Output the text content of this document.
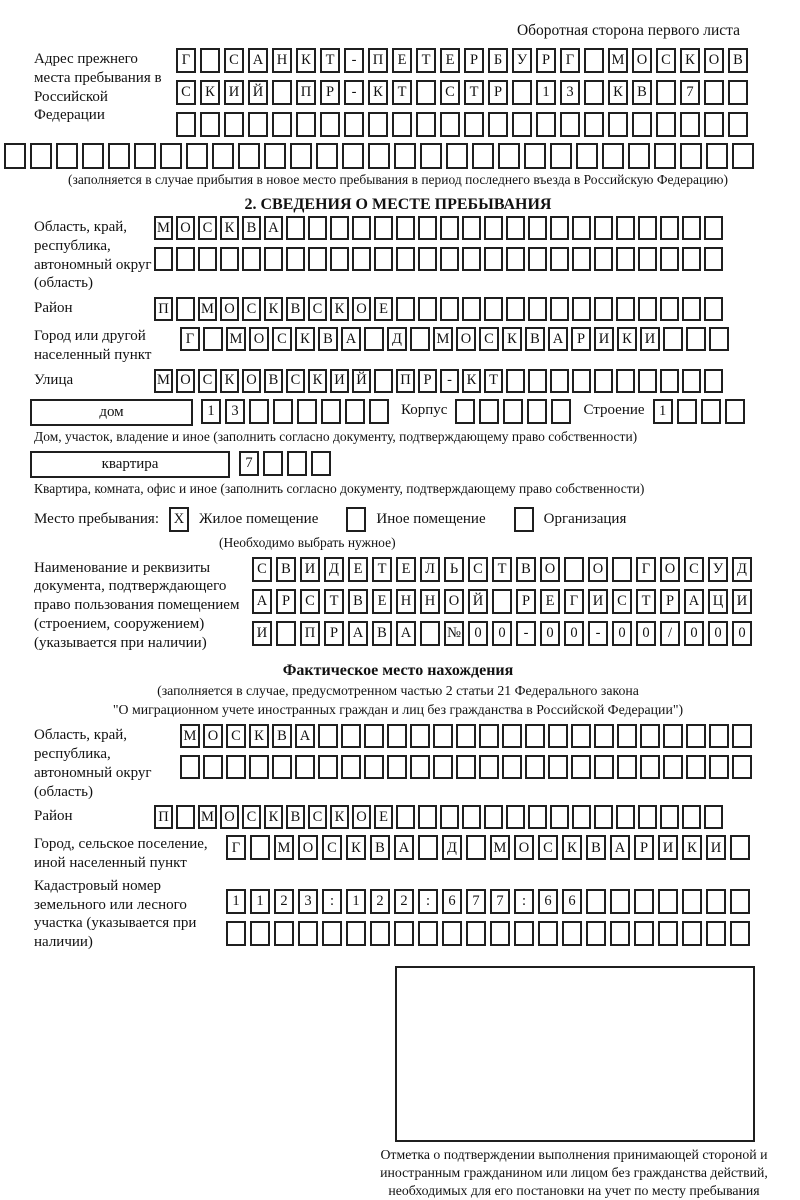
Оборотная сторона первого листа
Адрес прежнего места пребывания в Российской Федерации
Г	С А Н К	Т	-	П Е	Т	Е	Р	Б	У	Р	Г	М О С К О В
С К И Й	П	Р	-	К	Т	С	Т	Р	1	3	К В	7
(заполняется в случае прибытия в новое место пребывания в период последнего въезда в Российскую Федерацию)
2. СВЕДЕНИЯ О МЕСТЕ ПРЕБЫВАНИЯ
Область, край, республика, автономный округ (область)
М О С К В А
Район	П М О С К В С К О Е
Город или другой населенный пункт
Г	М О С К В А	Д	М О С К В А Р И К И
Улица	М О С К О В С К И Й П Р	-	К Т
дом	1	3	Корпус	Строение 1
Дом, участок, владение и иное (заполнить согласно документу, подтверждающему право собственности)
квартира	7
Квартира, комната, офис и иное (заполнить согласно документу, подтверждающему право собственности)
Место пребывания:	X Жилое помещение	Иное помещение	Организация
(Необходимо выбрать нужное)
Наименование и реквизиты документа, подтверждающего право пользования помещением (строением, сооружением) (указывается при наличии)
С В И Д	Е	Т	Е	Л	Ь	С	Т	В О	О	Г	О С У Д
А	Р	С	Т	В	Е Н Н О Й	Р	Е	Г	И С	Т	Р	А Ц И
И	П	Р	А В А	№ 0	0	-	0	0	-	0	0	/	0	0	0
Фактическое место нахождения
(заполняется в случае, предусмотренном частью 2 статьи 21 Федерального закона
"О миграционном учете иностранных граждан и лиц без гражданства в Российской Федерации")
Область, край, республика, автономный округ (область)
М О С К В А
Район	П М О С К В С К О Е
Город, сельское поселение, иной населенный пункт
Г	М О С К В А	Д	М О С К В А	Р	И К И
Кадастровый номер земельного или лесного участка (указывается при наличии)
1	1	2	3	:	1	2	2	:	6	7	7	:	6	6
Отметка о подтверждении выполнения принимающей стороной и иностранным гражданином или лицом без гражданства действий, необходимых для его постановки на учет по месту пребывания
